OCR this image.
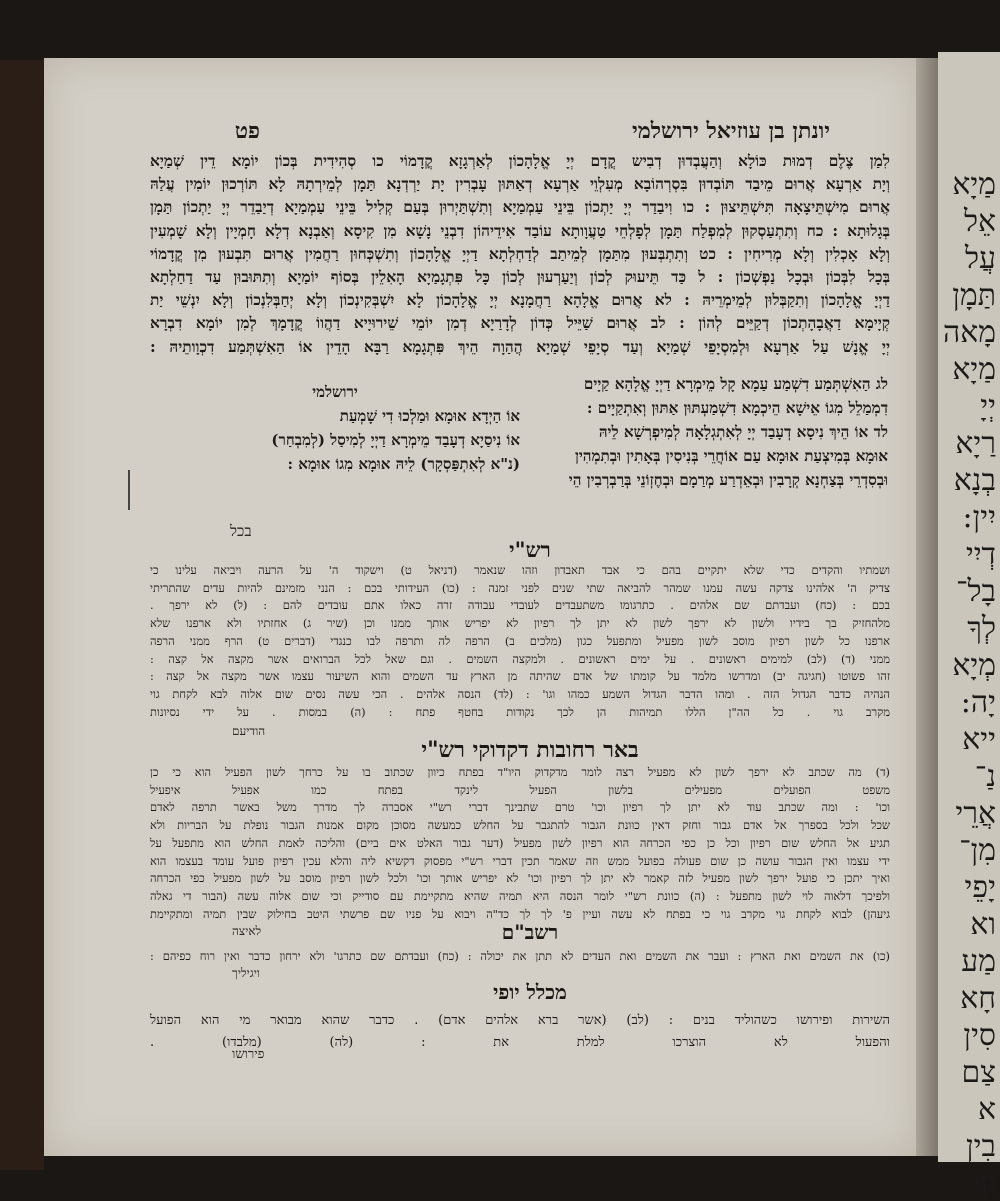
מַיָא
אֵל
עֲל
תַּמָן
מָאה
מַיָא
יְיָ
רַיָא
בְנָא
יִין:
דְיִי
בָל־
לְךָ
מְיָא
יָה:
ייא
נַ־
אֲרֵי
מִן־
יָפֵי
וא
מַע
חָא
סִין
צַם
א
בִין
וּן:
יונתן בן עוזיאל ירושלמי
פט
לִמַן צֶלֶם דְמוּת כּוֹלָא וְהַעֲבְדוּן דְבִיש קֳדָם יְיָ אֱלָהָכוֹן לְאַרְגָזָא קֳדָמוֹי כו סְהִידִית בְּכוֹן יוֹמָא דֵין שְׁמַיָא
וְיָת אַרְעָא אֲרוּם מֵיבַד תּוֹבְדוּן בִּסְרְהוֹבָא מְעִלְוֵי אַרְעָא דְאַתּוּן עָבְרִין יָת יַרְדְנָא תַּמָן לְמֵירְתָהּ לָא תּוֹרְכוּן יוֹמִין עֲלַהּ
אֲרוּם מִישְׁתֵּיצָאָה תִּישְׁתֵּיצוּן : כו וִיבַדַר יְיָ יַתְכוֹן בֵּינֵי עַמְמַיָא וְתִשְׁתַּיְרוּן בְּעַם קְלִיל בֵּינֵי עַמְמַיָא דְיַבַדֵר יְיָ יַתְכוֹן תַּמָן
בְּגָלוּתָא : כח וְתִתְעַסְקוּן לְמִפְלַח תַּמָן לְפָלְחֵי טַעֲוָותָא עוֹבַד אִידֵיהוֹן דִבְנֵי נָשָׁא מִן קִיסָא וְאַבְנָא דְלָא חָמְיָין וְלָא שָׁמְעִין
וְלָא אָכְלִין וְלָא מְרִיחִין : כט וְתִתְבְּעוּן מִתַּמָן לְמֵיתַב לְדַחְלְתָא דַיְיָ אֱלָהָכוֹן וְתִשְׁכְּחוּן רַחֲמִין אֲרוּם תִּבְעוּן מִן קֳדָמוֹי
בְּכָל לִבְּכוֹן וּבְכָל נַפְשְׁכוֹן : ל כַּד תֵּיעוּק לְכוֹן וְיַעַרְעוּן לְכוֹן כָּל פִּתְגָמַיָא הָאִלֵין בְּסוֹף יוֹמַיָא וְתִתּוּבוּן עַד דַחַלְתָא
דַיְיָ אֱלָהָכוֹן וְתִקַבְּלוּן לְמֵימְרֵיהּ : לא אֲרוּם אֱלָהָא רַחֲמָנָא יְיָ אֱלָהָכוֹן לָא יִשְׁבְּקִינְכוֹן וְלָא יְחַבְּלִנְכוֹן וְלָא יִנְשֵׁי יַת
קְיָימָא דַאֲבָהָתְכוֹן דְקַיֵּים לְהוֹן : לב אֲרוּם שַׁיֵּיל כְּדוֹן לְדָרַיָא דְמִן יוֹמֵי שֵׁירוּיָיא דַהֲווֹ קֳדָמָךְ לְמִן יוֹמָא דִבְרָא
יְיָ אֱנָשׁ עַל אַרְעָא וּלְמִסְיָפֵי שְׁמַיָא וְעַד סְיָפֵי שְׁמַיָא הֲהַוָה הֵיךְ פִּתְגָמָא רַבָּא הָדֵין אוֹ הַאִשְׁתְּמַע דִכְוָותֵיהּ :
לג הַאִשְׁתְּמַע דִשְׁמַע עַמָא קָל מֵימְרָא דַיְיָ אֱלָהָא קַיָים
דִמְמַלֵל מִגוֹ אֵישָׁא הֵיכְמָא דִשְׁמַעְתּוּן אַתּוּן וְאִתְקַיָים :
לד אוֹ הֵיךְ נִיסָא דְעָבַד יְיָ לְאִתְגְלָאָה לְמִיפְרְשָׁא לֵיהּ
אוּמָא בְּמִיצְעַת אוּמָא עַם אוֹחֲרֵי בְּנִיסִין בְּאָתִין וּבְתִמְהִין
וּבְסִדְרֵי בְּצַחְנָא קְרָבִין וּבְאֵדְרַע מְרַמָם וּבְחֶזְוֹנֵי בְּרַבְרְבִין הֵי
ירושלמי
אוֹ הַיְדָא אוּמָא וּמַלְכוּ דִי שָׁמְעַת
אוֹ נִיסַיָא דְעָבַד מֵימְרָא דַיְיָ לְמִיסַל (לְמִבְחַר)
(נ"א לְאִתְפַּסְקָר) לֵיהּ אוּמָא מִגוֹ אוּמָא :
בכל
רש"י
ושמתיו והקדים כדי שלא יתקיים בהם כי אבד תאבדון וזהו שנאמר (דניאל ט) וישקוד ה' על הרעה ויביאה עלינו כי
צדיק ה' אלהינו צדקה עשה עמנו שמהר להביאה שתי שנים לפני זמנה : (כו) העידותי בכם : הנני מזמינם להיות עדים שהתריתי
בכם : (כח) ועבדתם שם אלהים . כתרגומו משתעבדים לעובדי עבודה זרה כאלו אתם עובדים להם : (ל) לא ירפך .
מלהחזיק בך בידיו ולשון לא ירפך לשון לא יתן לך רפיון לא יפריש אותך ממנו וכן (שיר ג) אחזתיו ולא ארפנו שלא
ארפנו כל לשון רפיון מוסב לשון מפעיל ומתפעל כגון (מלכים ב) הרפה לה ותרפה לבו כנגדי (דברים ט) הרף ממני הרפה
ממני (ד) (לב) למימים ראשונים . על ימים ראשונים . ולמקצה השמים . וגם שאל לכל הברואים אשר מקצה אל קצה :
זהו פשוטו (חגיגה יב) ומדרשו מלמד על קומתו של אדם שהיתה מן הארץ עד השמים והוא השיעור עצמו אשר מקצה אל קצה :
הנהיה כדבר הגדול הזה . ומהו הדבר הגדול השמע כמהו וגו' : (לד) הנסה אלהים . הכי עשה נסים שום אלוה לבא לקחת גוי
מקרב גוי . כל הה"ן הללו תמיהות הן לכך נקודות בחטף פתח : (ה) במסות . על ידי נסיונות
הודיעם
באר רחובות דקדוקי רש"י
(ד) מה שכתב לא ירפך לשון לא מפעיל רצה לומר מדקדוק היו"ד בפתח כיוון שכתוב בו על כרחך לשון הפעיל הוא כי כן
משפט הפועלים מפעילים בלשון הפעיל לינקד בפתח כמו אפעיל איפעיל
וכו' : ומה שכתב עוד לא יתן לך רפיון וכו' טרם שתבינך דברי רש"י אסברה לך מדרך משל באשר תרפה לאדם
שכל ולכל בספרך אל אדם גבור וחזק דאין כוונת הגבור להתגבר על החלש כמעשה מסוכן מקום אמנות הגבור נופלת על הבריות ולא
תגיע אל החלש שום רפיון וכל כן כפי הכרחה הוא רפיון לשון מפעיל (דער גבור האלט אים ביים) והליכה לאמת החלש הוא מתפעל על
ידי עצמו ואין הגבור עושה כן שום פעולה בפועל ממש וזה שאמר תכין דברי רש"י מפסוק דקשיא ליה והלא עכין רפיון פועל עומד בעצמו הוא
ואיך יתכן כי פועל ירפך לשון מפעיל לזה קאמר לא יתן לך רפיון וכו' לא יפריש אותך וכו' ולכל לשון רפיון מוסב על לשון מפעיל כפי הכרחה
ולפיכך דלאוה לוי לשון מתפעל : (ה) כוונת רש"י לומר הנסה היא תמיה שהיא מתקיימת עם סודייק וכי שום אלוה עשה (הבור די גאלה
גיעהן) לבוא לקחת גוי מקרב גוי כי בפתח לא עשה ועיין פ' לך לך כד"ה ויבוא על פניו שם פרשתי היטב בחילוק שבין תמיה ומתקיימת
לאיצה	רשב"ם
(כו) את השמים ואת הארץ : ועבר את השמים ואת העדים לא תתן את יכולה : (כח) ועבדתם שם כתרגו' ולא ירחון כדבר ואין רוח כפיהם :
ויגיליך
מכלל יופי
השירות ופירושו כשהוליד בנים : (לב) (אשר ברא אלהים אדם) . כדבר שהוא מבואר מי הוא הפועל
והפעול לא הוצרכו למלת את : (לה) (מלבדו) .
פירושו
